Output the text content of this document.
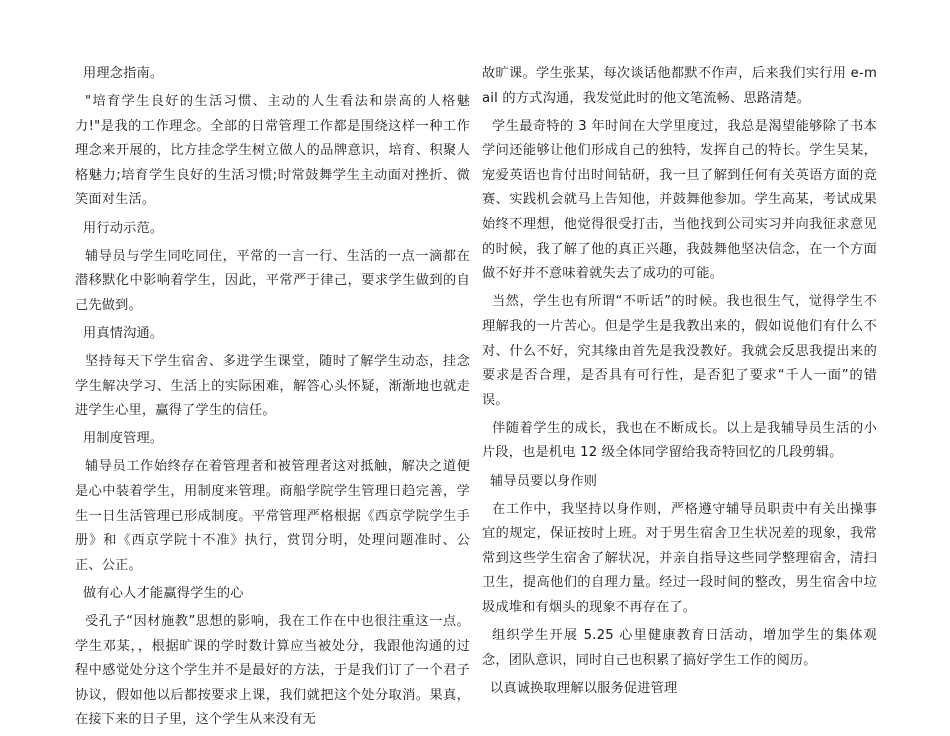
用理念指南。

"培育学生良好的生活习惯、主动的人生看法和崇高的人格魅力!"是我的工作理念。全部的日常管理工作都是围绕这样一种工作理念来开展的，比方挂念学生树立做人的品牌意识，培育、积聚人格魅力;培育学生良好的生活习惯;时常鼓舞学生主动面对挫折、微笑面对生活。

用行动示范。

辅导员与学生同吃同住，平常的一言一行、生活的一点一滴都在潜移默化中影响着学生，因此，平常严于律己，要求学生做到的自己先做到。

用真情沟通。

坚持每天下学生宿舍、多进学生课堂，随时了解学生动态，挂念学生解决学习、生活上的实际困难，解答心头怀疑，渐渐地也就走进学生心里，赢得了学生的信任。

用制度管理。

辅导员工作始终存在着管理者和被管理者这对抵触，解决之道便是心中装着学生，用制度来管理。商船学院学生管理日趋完善，学生一日生活管理已形成制度。平常管理严格根据《西京学院学生手册》和《西京学院十不准》执行，赏罚分明，处理问题准时、公正、公正。

做有心人才能赢得学生的心

受孔子“因材施教”思想的影响，我在工作在中也很注重这一点。学生邓某，，根据旷课的学时数计算应当被处分，我跟他沟通的过程中感觉处分这个学生并不是最好的方法，于是我们订了一个君子协议，假如他以后都按要求上课，我们就把这个处分取消。果真，在接下来的日子里，这个学生从来没有无

故旷课。学生张某，每次谈话他都默不作声，后来我们实行用 e-mail 的方式沟通，我发觉此时的他文笔流畅、思路清楚。

学生最奇特的 3 年时间在大学里度过，我总是渴望能够除了书本学问还能够让他们形成自己的独特，发挥自己的特长。学生吴某，宠爱英语也肯付出时间钻研，我一旦了解到任何有关英语方面的竞赛、实践机会就马上告知他，并鼓舞他参加。学生高某，考试成果始终不理想，他觉得很受打击，当他找到公司实习并向我征求意见的时候，我了解了他的真正兴趣，我鼓舞他坚决信念，在一个方面做不好并不意味着就失去了成功的可能。

当然，学生也有所谓“不听话”的时候。我也很生气，觉得学生不理解我的一片苦心。但是学生是我教出来的，假如说他们有什么不对、什么不好，究其缘由首先是我没教好。我就会反思我提出来的要求是否合理，是否具有可行性，是否犯了要求“千人一面”的错误。

伴随着学生的成长，我也在不断成长。以上是我辅导员生活的小片段，也是机电 12 级全体同学留给我奇特回忆的几段剪辑。

辅导员要以身作则

在工作中，我坚持以身作则，严格遵守辅导员职责中有关出操事宜的规定，保证按时上班。对于男生宿舍卫生状况差的现象，我常常到这些学生宿舍了解状况，并亲自指导这些同学整理宿舍，清扫卫生，提高他们的自理力量。经过一段时间的整改，男生宿舍中垃圾成堆和有烟头的现象不再存在了。

组织学生开展 5.25 心里健康教育日活动，增加学生的集体观念，团队意识，同时自己也积累了搞好学生工作的阅历。

以真诚换取理解以服务促进管理
